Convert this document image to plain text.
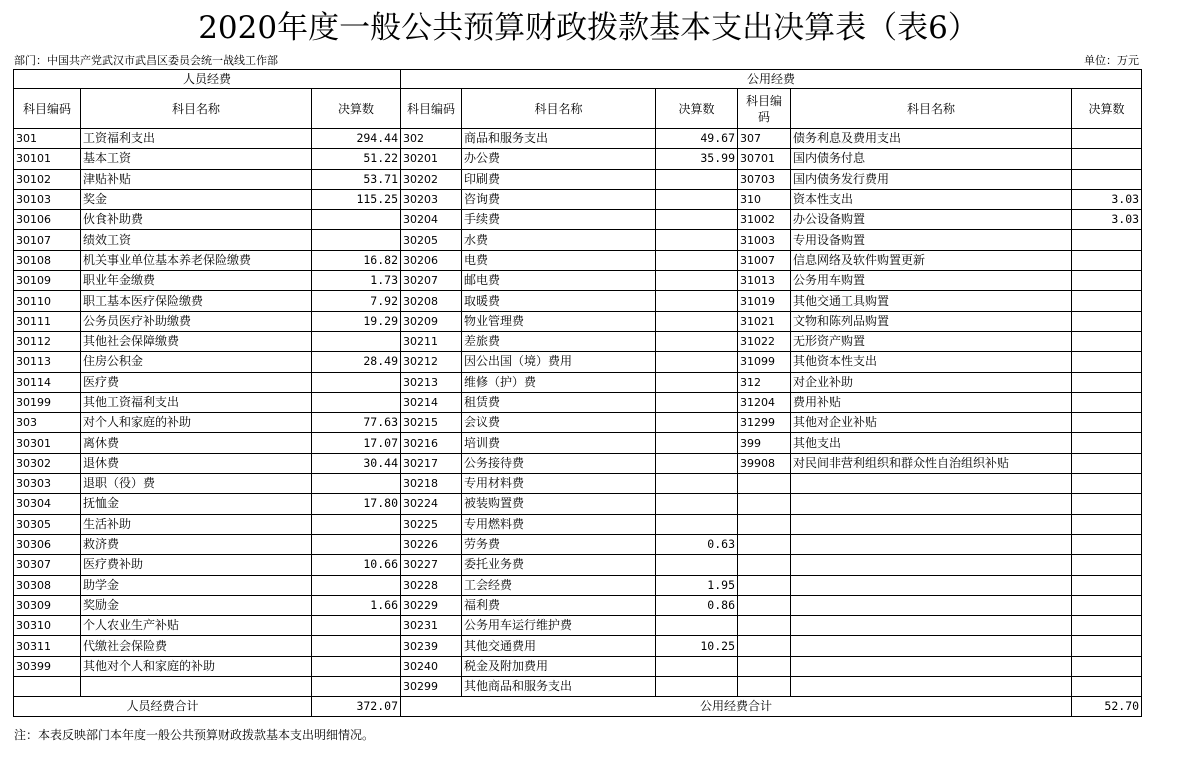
2020年度一般公共预算财政拨款基本支出决算表（表6）
部门：中国共产党武汉市武昌区委员会统一战线工作部	单位：万元
人员经费			公用经费					
科目编码	科目名称	决算数	科目编码	科目名称	决算数	科目编码	科目名称	决算数
301	工资福利支出	294.44	302	商品和服务支出	49.67	307	债务利息及费用支出	
30101	基本工资	51.22	30201	办公费	35.99	30701	国内债务付息	
30102	津贴补贴	53.71	30202	印刷费		30703	国内债务发行费用	
30103	奖金	115.25	30203	咨询费		310	资本性支出	3.03
30106	伙食补助费		30204	手续费		31002	办公设备购置	3.03
30107	绩效工资		30205	水费		31003	专用设备购置	
30108	机关事业单位基本养老保险缴费	16.82	30206	电费		31007	信息网络及软件购置更新	
30109	职业年金缴费	1.73	30207	邮电费		31013	公务用车购置	
30110	职工基本医疗保险缴费	7.92	30208	取暖费		31019	其他交通工具购置	
30111	公务员医疗补助缴费	19.29	30209	物业管理费		31021	文物和陈列品购置	
30112	其他社会保障缴费		30211	差旅费		31022	无形资产购置	
30113	住房公积金	28.49	30212	因公出国（境）费用		31099	其他资本性支出	
30114	医疗费		30213	维修（护）费		312	对企业补助	
30199	其他工资福利支出		30214	租赁费		31204	费用补贴	
303	对个人和家庭的补助	77.63	30215	会议费		31299	其他对企业补贴	
30301	离休费	17.07	30216	培训费		399	其他支出	
30302	退休费	30.44	30217	公务接待费		39908	对民间非营利组织和群众性自治组织补贴	
30303	退职（役）费		30218	专用材料费				
30304	抚恤金	17.80	30224	被装购置费				
30305	生活补助		30225	专用燃料费				
30306	救济费		30226	劳务费	0.63			
30307	医疗费补助	10.66	30227	委托业务费				
30308	助学金		30228	工会经费	1.95			
30309	奖励金	1.66	30229	福利费	0.86			
30310	个人农业生产补贴		30231	公务用车运行维护费				
30311	代缴社会保险费		30239	其他交通费用	10.25			
30399	其他对个人和家庭的补助		30240	税金及附加费用				
			30299	其他商品和服务支出				
人员经费合计		372.07	公用经费合计					52.70
注：本表反映部门本年度一般公共预算财政拨款基本支出明细情况。
